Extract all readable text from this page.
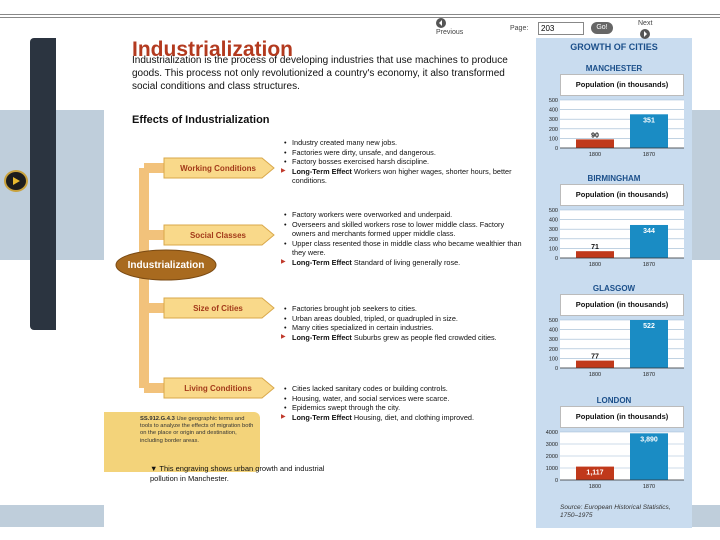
Industrialization
Industrialization is the process of developing industries that use machines to produce goods. This process not only revolutionized a country's economy, it also transformed social conditions and class structures.
Effects of Industrialization
Working Conditions
Social Classes
Size of Cities
Living Conditions
Industrialization
• Industry created many new jobs.
• Factories were dirty, unsafe, and dangerous.
• Factory bosses exercised harsh discipline.
▶ Long-Term Effect Workers won higher wages, shorter hours, better conditions.
• Factory workers were overworked and underpaid.
• Overseers and skilled workers rose to lower middle class. Factory owners and merchants formed upper middle class.
• Upper class resented those in middle class who became wealthier than they were.
▶ Long-Term Effect Standard of living generally rose.
• Factories brought job seekers to cities.
• Urban areas doubled, tripled, or quadrupled in size.
• Many cities specialized in certain industries.
▶ Long-Term Effect Suburbs grew as people fled crowded cities.
• Cities lacked sanitary codes or building controls.
• Housing, water, and social services were scarce.
• Epidemics swept through the city.
▶ Long-Term Effect Housing, diet, and clothing improved.
SS.912.G.4.3 Use geographic terms and tools to analyze the effects of migration both on the place or origin and destination, including border areas.
▼ This engraving shows urban growth and industrial pollution in Manchester.
GROWTH OF CITIES
MANCHESTER
Population (in thousands)
0
100
200
300
400
500
90
1800
351
1870
BIRMINGHAM
Population (in thousands)
0
100
200
300
400
500
71
1800
344
1870
GLASGOW
Population (in thousands)
0
100
200
300
400
500
77
1800
522
1870
LONDON
Population (in thousands)
0
1000
2000
3000
4000
1,117
1800
3,890
1870
Source: European Historical Statistics, 1750–1975
Previous
Page:
203	Go!
Next
